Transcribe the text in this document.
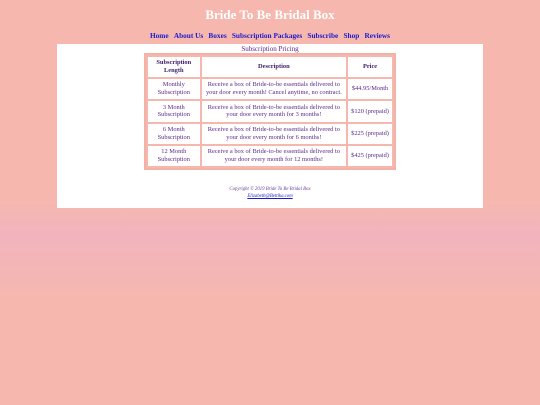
Bride To Be Bridal Box
Home About Us Boxes Subscription Packages Subscribe Shop Reviews
Subscription Pricing
Subscription Length	Description	Price
Monthly Subscription	Receive a box of Bride-to-be essentials delivered to your door every month! Cancel anytime, no contract.	$44.95/Month
3 Month Subscription	Receive a box of Bride-to-be essentials delivered to your door every month for 3 months!	$120 (prepaid)
6 Month Subscription	Receive a box of Bride-to-be essentials delivered to your door every month for 6 months!	$225 (prepaid)
12 Month Subscription	Receive a box of Bride-to-be essentials delivered to your door every month for 12 months!	$425 (prepaid)
Copyright © 2019 Bride To Be Bridal Box
Elizabeth@Bettika.com
